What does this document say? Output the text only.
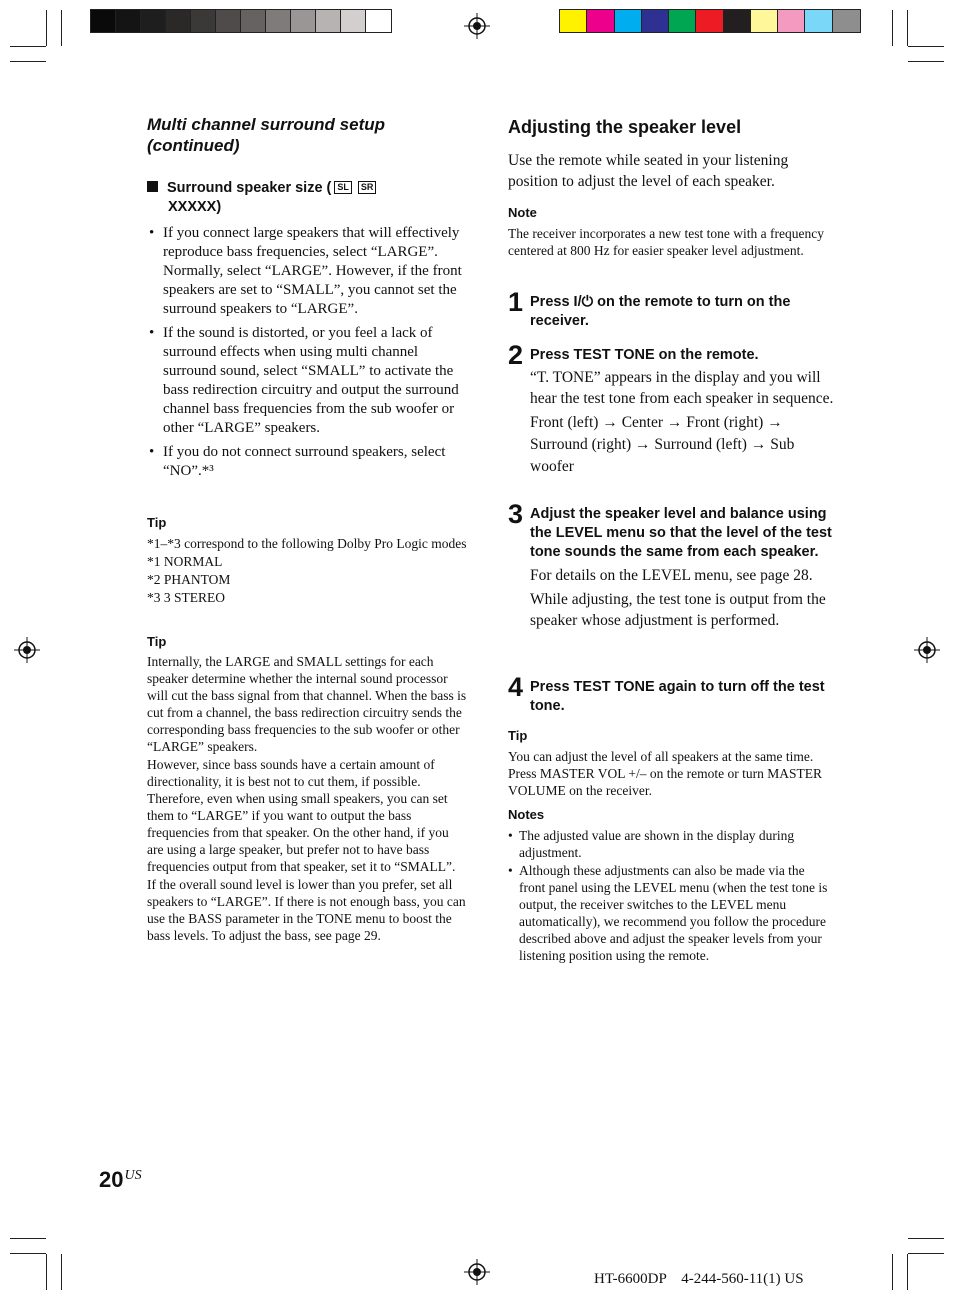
Multi channel surround setup (continued)
Surround speaker size ( SL SR
XXXXX)
• If you connect large speakers that will effectively reproduce bass frequencies, select “LARGE”. Normally, select “LARGE”. However, if the front speakers are set to “SMALL”, you cannot set the surround speakers to “LARGE”.
• If the sound is distorted, or you feel a lack of surround effects when using multi channel surround sound, select “SMALL” to activate the bass redirection circuitry and output the surround channel bass frequencies from the sub woofer or other “LARGE” speakers.
• If you do not connect surround speakers, select “NO”.*³
Tip
*1–*3 correspond to the following Dolby Pro Logic modes
*1 NORMAL
*2 PHANTOM
*3 3 STEREO
Tip
Internally, the LARGE and SMALL settings for each speaker determine whether the internal sound processor will cut the bass signal from that channel. When the bass is cut from a channel, the bass redirection circuitry sends the corresponding bass frequencies to the sub woofer or other “LARGE” speakers.
However, since bass sounds have a certain amount of directionality, it is best not to cut them, if possible. Therefore, even when using small speakers, you can set them to “LARGE” if you want to output the bass frequencies from that speaker. On the other hand, if you are using a large speaker, but prefer not to have bass frequencies output from that speaker, set it to “SMALL”.
If the overall sound level is lower than you prefer, set all speakers to “LARGE”. If there is not enough bass, you can use the BASS parameter in the TONE menu to boost the bass levels. To adjust the bass, see page 29.
Adjusting the speaker level
Use the remote while seated in your listening position to adjust the level of each speaker.
Note
The receiver incorporates a new test tone with a frequency centered at 800 Hz for easier speaker level adjustment.
1 Press I/⏻ on the remote to turn on the receiver.
2 Press TEST TONE on the remote.

“T. TONE” appears in the display and you will hear the test tone from each speaker in sequence.

Front (left) → Center → Front (right) → Surround (right) → Surround (left) → Sub woofer

3 Adjust the speaker level and balance using the LEVEL menu so that the level of the test tone sounds the same from each speaker.

For details on the LEVEL menu, see page 28.

While adjusting, the test tone is output from the speaker whose adjustment is performed.

4 Press TEST TONE again to turn off the test tone.
Tip
You can adjust the level of all speakers at the same time. Press MASTER VOL +/– on the remote or turn MASTER VOLUME on the receiver.
Notes
• The adjusted value are shown in the display during adjustment.
• Although these adjustments can also be made via the front panel using the LEVEL menu (when the test tone is output, the receiver switches to the LEVEL menu automatically), we recommend you follow the procedure described above and adjust the speaker levels from your listening position using the remote.
$20^{US}$
HT-6600DP    4-244-560-11(1) US
